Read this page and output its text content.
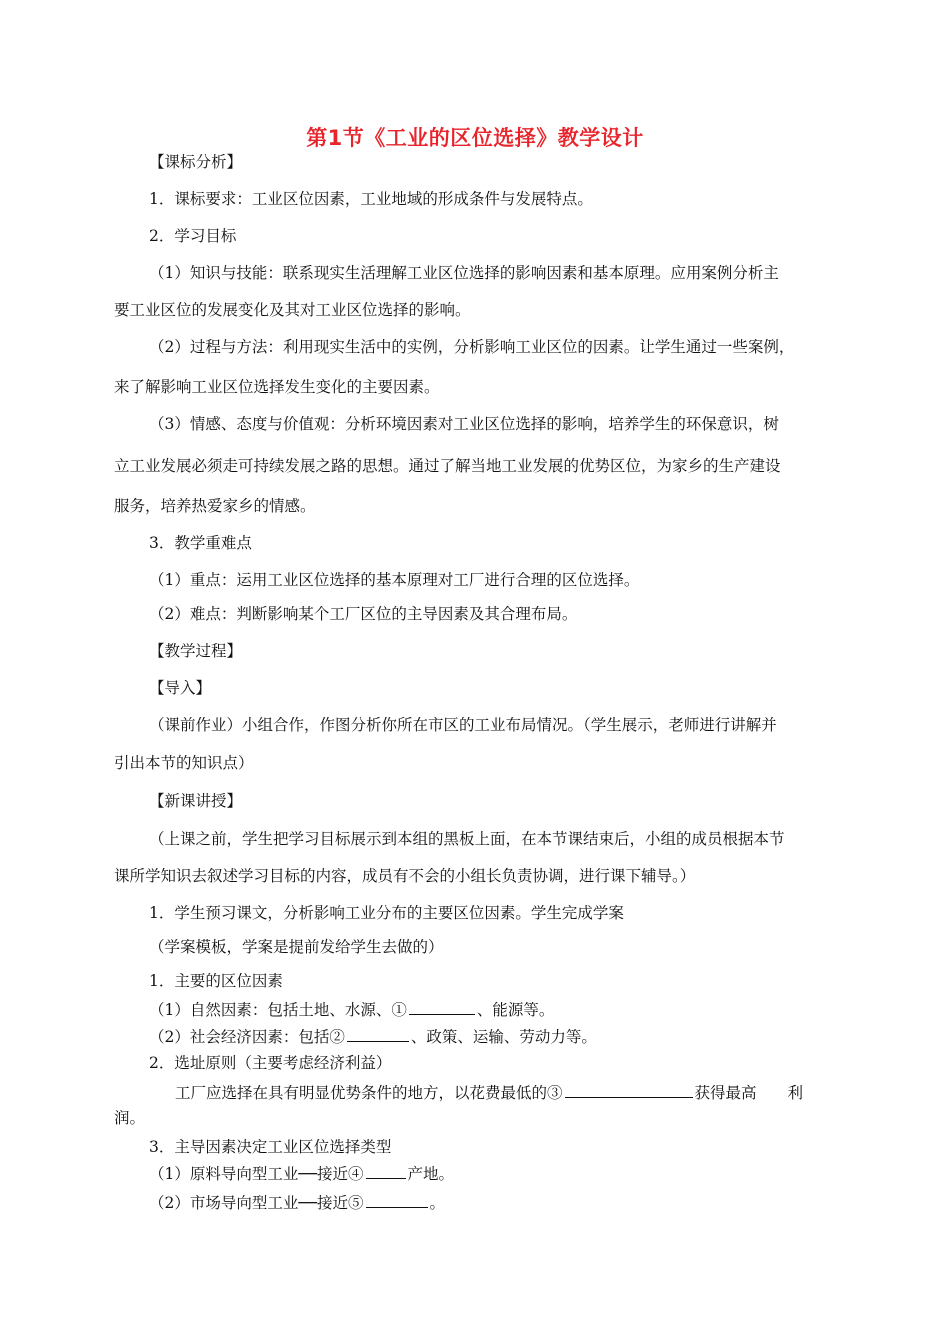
第1节《工业的区位选择》教学设计
【课标分析】
1．课标要求：工业区位因素，工业地域的形成条件与发展特点。
2．学习目标
（1）知识与技能：联系现实生活理解工业区位选择的影响因素和基本原理。应用案例分析主
要工业区位的发展变化及其对工业区位选择的影响。
（2）过程与方法：利用现实生活中的实例，分析影响工业区位的因素。让学生通过一些案例，
来了解影响工业区位选择发生变化的主要因素。
（3）情感、态度与价值观：分析环境因素对工业区位选择的影响，培养学生的环保意识，树
立工业发展必须走可持续发展之路的思想。通过了解当地工业发展的优势区位，为家乡的生产建设
服务，培养热爱家乡的情感。
3．教学重难点
（1）重点：运用工业区位选择的基本原理对工厂进行合理的区位选择。
（2）难点：判断影响某个工厂区位的主导因素及其合理布局。
【教学过程】
【导入】
（课前作业）小组合作，作图分析你所在市区的工业布局情况。（学生展示，老师进行讲解并
引出本节的知识点）
【新课讲授】
（上课之前，学生把学习目标展示到本组的黑板上面，在本节课结束后，小组的成员根据本节
课所学知识去叙述学习目标的内容，成员有不会的小组长负责协调，进行课下辅导。）
1．学生预习课文，分析影响工业分布的主要区位因素。学生完成学案
（学案模板，学案是提前发给学生去做的）
1．主要的区位因素
（1）自然因素：包括土地、水源、①	、能源等。
（2）社会经济因素：包括②	、政策、运输、劳动力等。
2．选址原则（主要考虑经济利益）
工厂应选择在具有明显优势条件的地方，以花费最低的③	获得最高　　利
润。
3．主导因素决定工业区位选择类型
（1）原料导向型工业──接近④	产地。
（2）市场导向型工业──接近⑤	。
